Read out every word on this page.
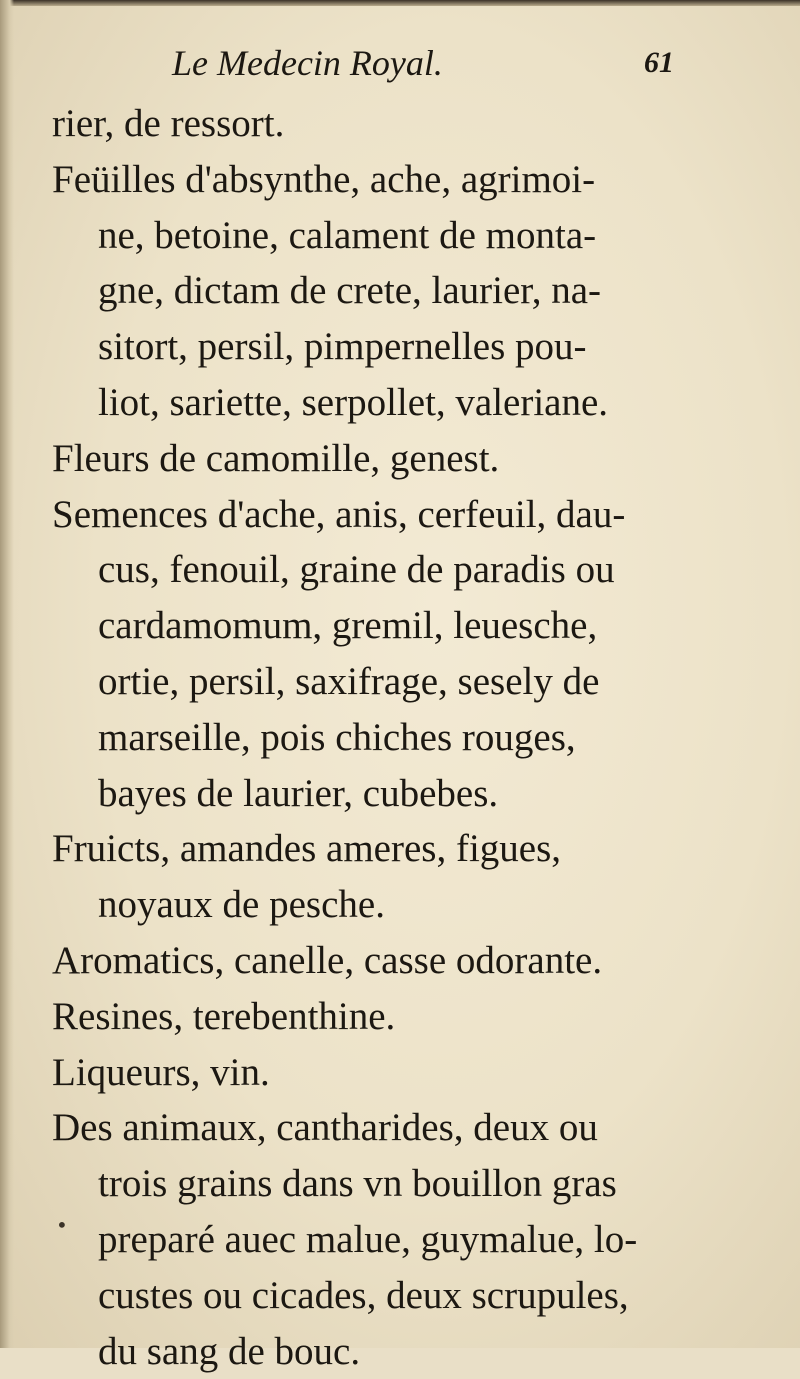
Le Medecin Royal.	61
rier, de ressort.
Feüilles d'absynthe, ache, agrimoi-
ne, betoine, calament de monta-
gne, dictam de crete, laurier, na-
sitort, persil, pimpernelles pou-
liot, sariette, serpollet, valeriane.
Fleurs de camomille, genest.
Semences d'ache, anis, cerfeuil, dau-
cus, fenouil, graine de paradis ou
cardamomum, gremil, leuesche,
ortie, persil, saxifrage, sesely de
marseille, pois chiches rouges,
bayes de laurier, cubebes.
Fruicts, amandes ameres, figues,
noyaux de pesche.
Aromatics, canelle, casse odorante.
Resines, terebenthine.
Liqueurs, vin.
Des animaux, cantharides, deux ou
trois grains dans vn bouillon gras
preparé auec malue, guymalue, lo-
custes ou cicades, deux scrupules,
du sang de bouc.
•
